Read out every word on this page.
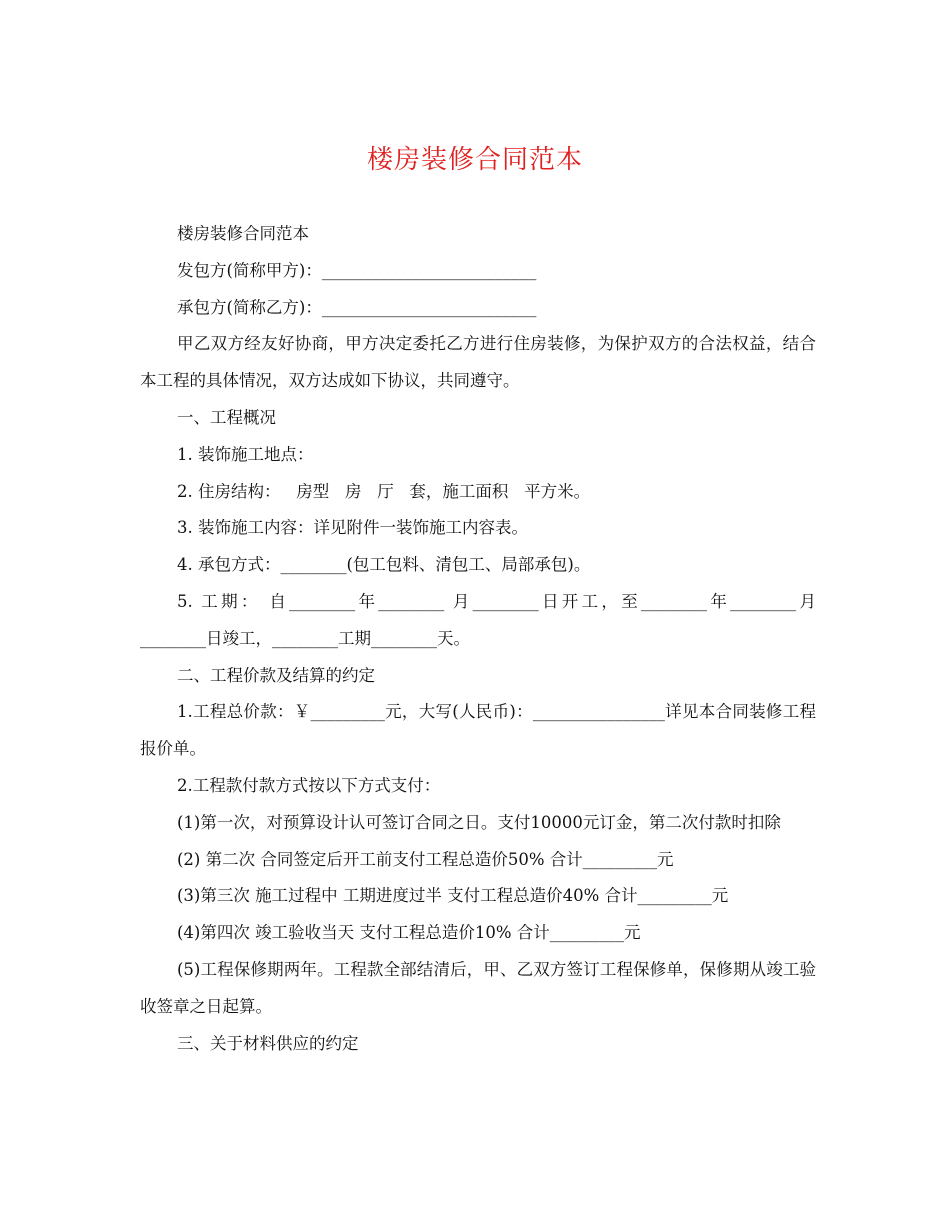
楼房装修合同范本

楼房装修合同范本

发包方(简称甲方)：__________________________

承包方(简称乙方)：__________________________

甲乙双方经友好协商，甲方决定委托乙方进行住房装修，为保护双方的合法权益，结合本工程的具体情况，双方达成如下协议，共同遵守。

一、工程概况

1. 装饰施工地点：

2. 住房结构：   房型   房   厅   套，施工面积   平方米。

3. 装饰施工内容：详见附件一装饰施工内容表。

4. 承包方式：________(包工包料、清包工、局部承包)。

5. 工期： 自________年________ 月________日开工，至________年________月________日竣工，________工期________天。

二、工程价款及结算的约定

1.工程总价款：￥_________元，大写(人民币)：________________详见本合同装修工程报价单。

2.工程款付款方式按以下方式支付：

(1)第一次，对预算设计认可签订合同之日。支付10000元订金，第二次付款时扣除

(2) 第二次 合同签定后开工前支付工程总造价50% 合计_________元

(3)第三次 施工过程中 工期进度过半 支付工程总造价40% 合计_________元

(4)第四次 竣工验收当天 支付工程总造价10% 合计_________元

(5)工程保修期两年。工程款全部结清后，甲、乙双方签订工程保修单，保修期从竣工验收签章之日起算。

三、关于材料供应的约定
